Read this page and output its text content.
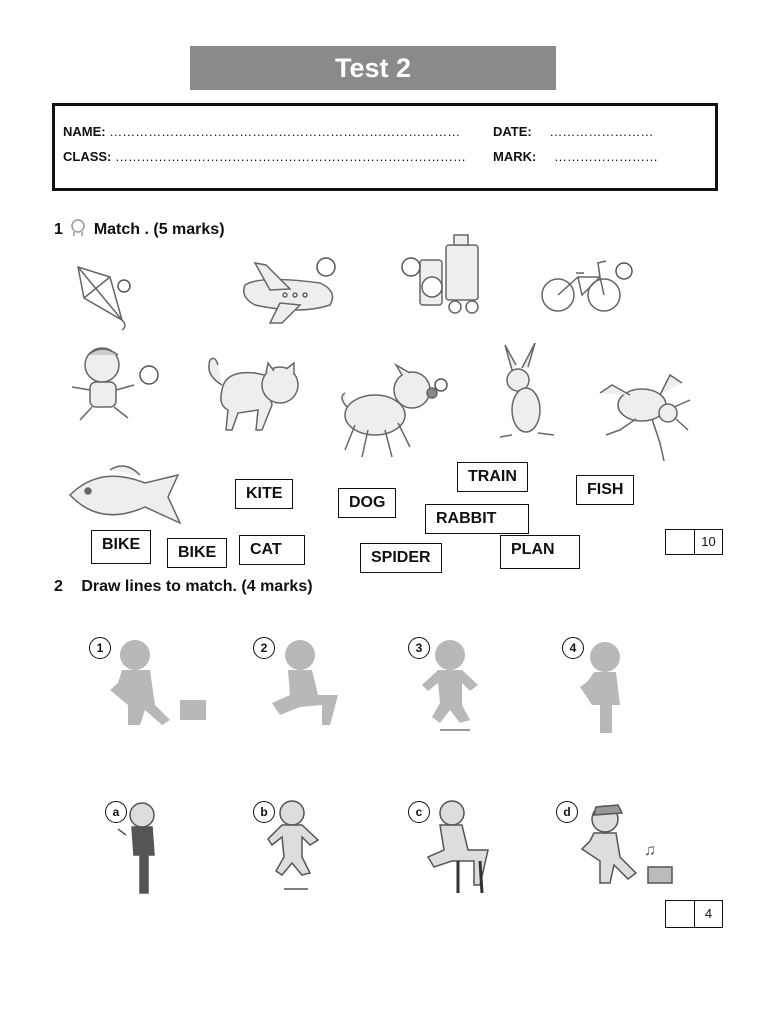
Test 2
NAME: ………………………………………………………………………
CLASS: ………………………………………………………………………
DATE: ……………………
MARK: ……………………
1 Match . (5 marks)
KITE
TRAIN
FISH
DOG
RABBIT
BIKE	BIKE	CAT	SPIDER	PLAN	10
2 Draw lines to match. (4 marks)
1	2	3	4
♫
a	b	c	d
4
